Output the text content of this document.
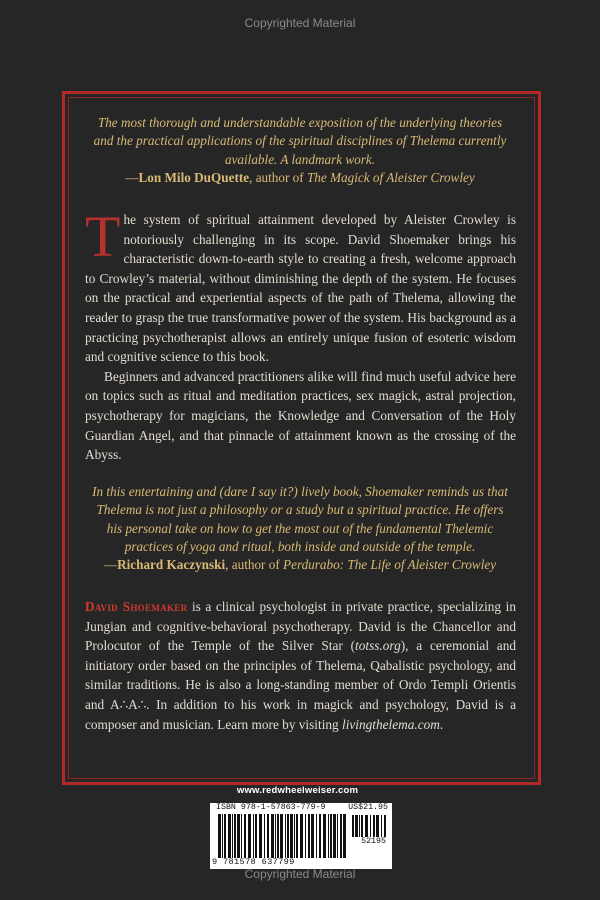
Copyrighted Material
The most thorough and understandable exposition of the underlying theories and the practical applications of the spiritual disciplines of Thelema currently available. A landmark work.
—Lon Milo DuQuette, author of The Magick of Aleister Crowley

The system of spiritual attainment developed by Aleister Crowley is notoriously challenging in its scope. David Shoemaker brings his characteristic down-to-earth style to creating a fresh, welcome approach to Crowley’s material, without diminishing the depth of the system. He focuses on the practical and experiential aspects of the path of Thelema, allowing the reader to grasp the true transformative power of the system. His background as a practicing psychotherapist allows an entirely unique fusion of esoteric wisdom and cognitive science to this book.

Beginners and advanced practitioners alike will find much useful advice here on topics such as ritual and meditation practices, sex magick, astral projection, psychotherapy for magicians, the Knowledge and Conversation of the Holy Guardian Angel, and that pinnacle of attainment known as the crossing of the Abyss.

In this entertaining and (dare I say it?) lively book, Shoemaker reminds us that Thelema is not just a philosophy or a study but a spiritual practice. He offers his personal take on how to get the most out of the fundamental Thelemic practices of yoga and ritual, both inside and outside of the temple.
—Richard Kaczynski, author of Perdurabo: The Life of Aleister Crowley

David Shoemaker is a clinical psychologist in private practice, specializing in Jungian and cognitive-behavioral psychotherapy. David is the Chancellor and Prolocutor of the Temple of the Silver Star (totss.org), a ceremonial and initiatory order based on the principles of Thelema, Qabalistic psychology, and similar traditions. He is also a long-standing member of Ordo Templi Orientis and A∴A∴. In addition to his work in magick and psychology, David is a composer and musician. Learn more by visiting livingthelema.com.

www.redwheelweiser.com
ISBN 978-1-57863-779-9	US$21.95
52195
9 781578 637799
Copyrighted Material
